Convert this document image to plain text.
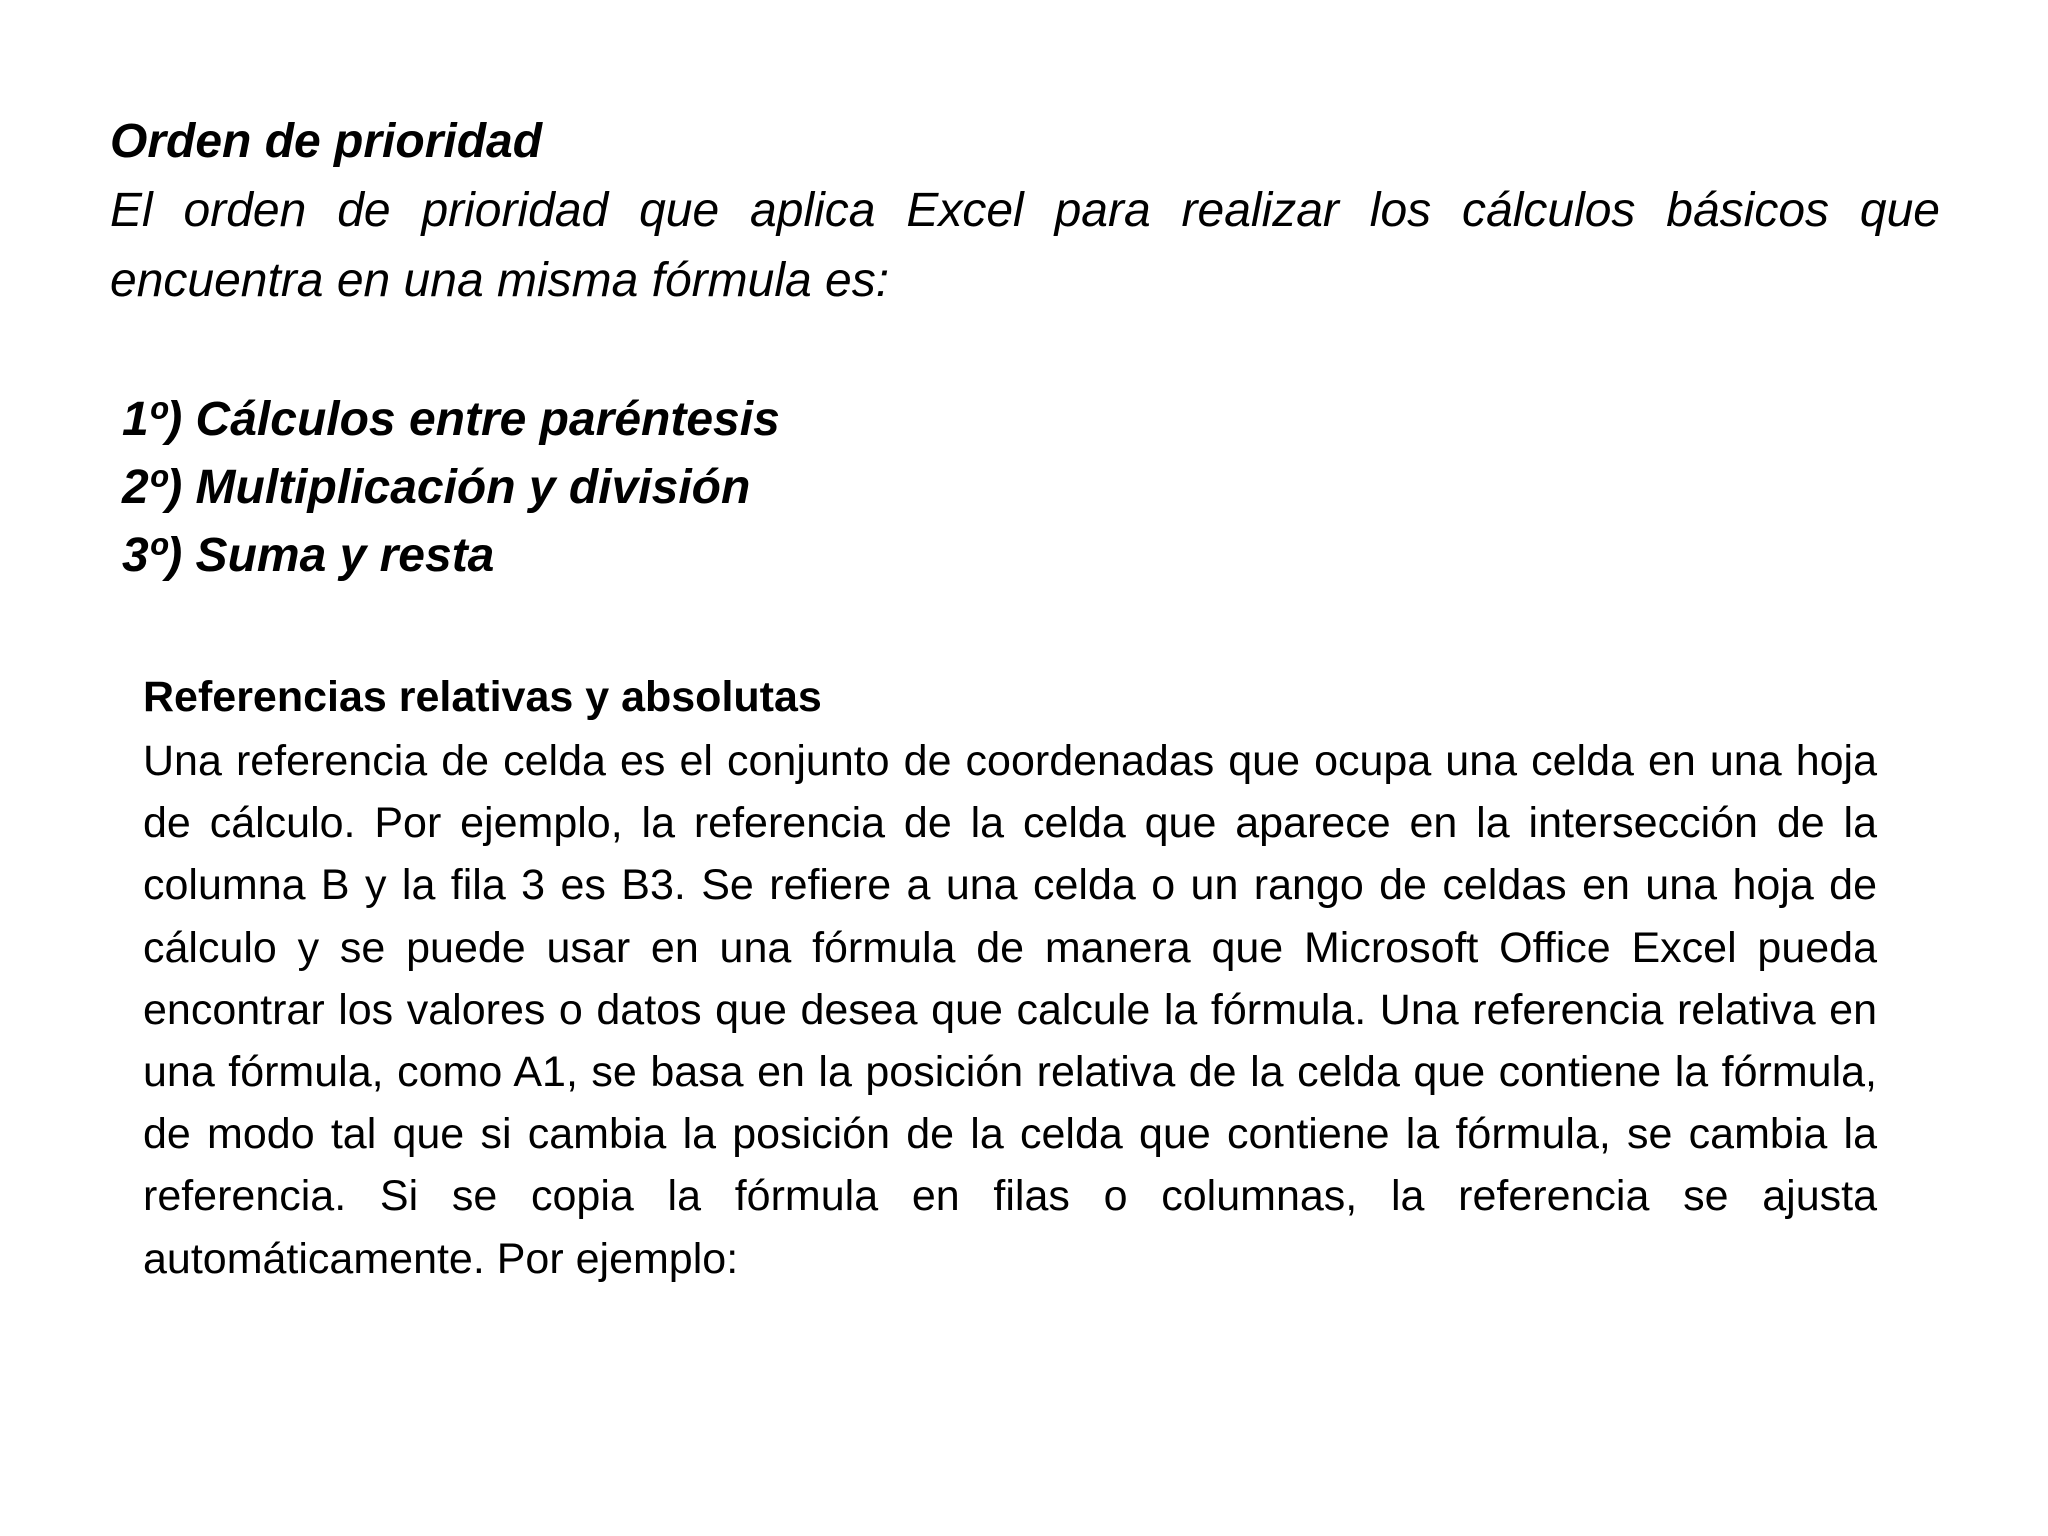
Orden de prioridad

El orden de prioridad que aplica Excel para realizar los cálculos básicos que encuentra en una misma fórmula es:

1º) Cálculos entre paréntesis
2º) Multiplicación y división
3º) Suma y resta
Referencias relativas y absolutas

Una referencia de celda es el conjunto de coordenadas que ocupa una celda en una hoja de cálculo. Por ejemplo, la referencia de la celda que aparece en la intersección de la columna B y la fila 3 es B3. Se refiere a una celda o un rango de celdas en una hoja de cálculo y se puede usar en una fórmula de manera que Microsoft Office Excel pueda encontrar los valores o datos que desea que calcule la fórmula. Una referencia relativa en una fórmula, como A1, se basa en la posición relativa de la celda que contiene la fórmula, de modo tal que si cambia la posición de la celda que contiene la fórmula, se cambia la referencia. Si se copia la fórmula en filas o columnas, la referencia se ajusta automáticamente. Por ejemplo:
